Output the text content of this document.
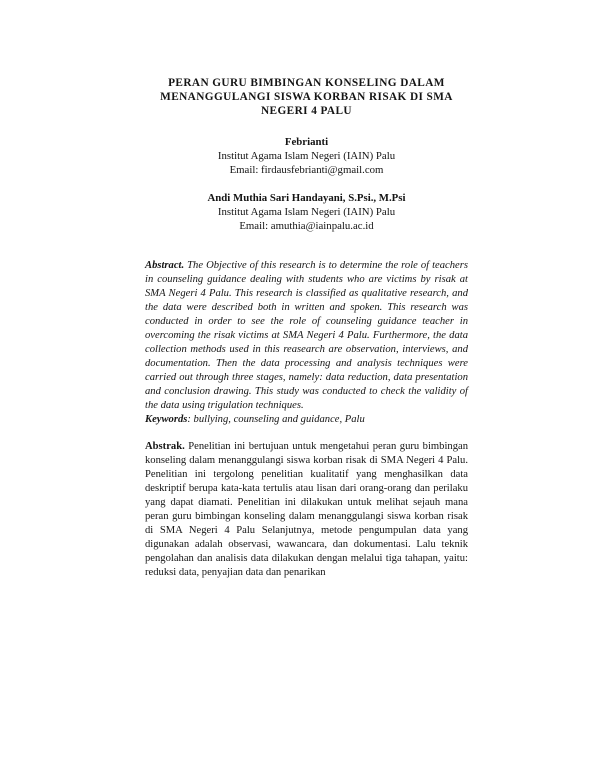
PERAN GURU BIMBINGAN KONSELING DALAM
MENANGGULANGI SISWA KORBAN RISAK DI SMA
NEGERI 4 PALU
Febrianti
Institut Agama Islam Negeri (IAIN) Palu
Email: firdausfebrianti@gmail.com
Andi Muthia Sari Handayani, S.Psi., M.Psi
Institut Agama Islam Negeri (IAIN) Palu
Email: amuthia@iainpalu.ac.id
Abstract. The Objective of this research is to determine the role of teachers in counseling guidance dealing with students who are victims by risak at SMA Negeri 4 Palu. This research is classified as qualitative research, and the data were described both in written and spoken. This research was conducted in order to see the role of counseling guidance teacher in overcoming the risak victims at SMA Negeri 4 Palu. Furthermore, the data collection methods used in this reasearch are observation, interviews, and documentation. Then the data processing and analysis techniques were carried out through three stages, namely: data reduction, data presentation and conclusion drawing. This study was conducted to check the validity of the data using trigulation techniques.
Keywords: bullying, counseling and guidance, Palu
Abstrak. Penelitian ini bertujuan untuk mengetahui peran guru bimbingan konseling dalam menanggulangi siswa korban risak di SMA Negeri 4 Palu. Penelitian ini tergolong penelitian kualitatif yang menghasilkan data deskriptif berupa kata-kata tertulis atau lisan dari orang-orang dan perilaku yang dapat diamati. Penelitian ini dilakukan untuk melihat sejauh mana peran guru bimbingan konseling dalam menanggulangi siswa korban risak di SMA Negeri 4 Palu Selanjutnya, metode pengumpulan data yang digunakan adalah observasi, wawancara, dan dokumentasi. Lalu teknik pengolahan dan analisis data dilakukan dengan melalui tiga tahapan, yaitu: reduksi data, penyajian data dan penarikan
